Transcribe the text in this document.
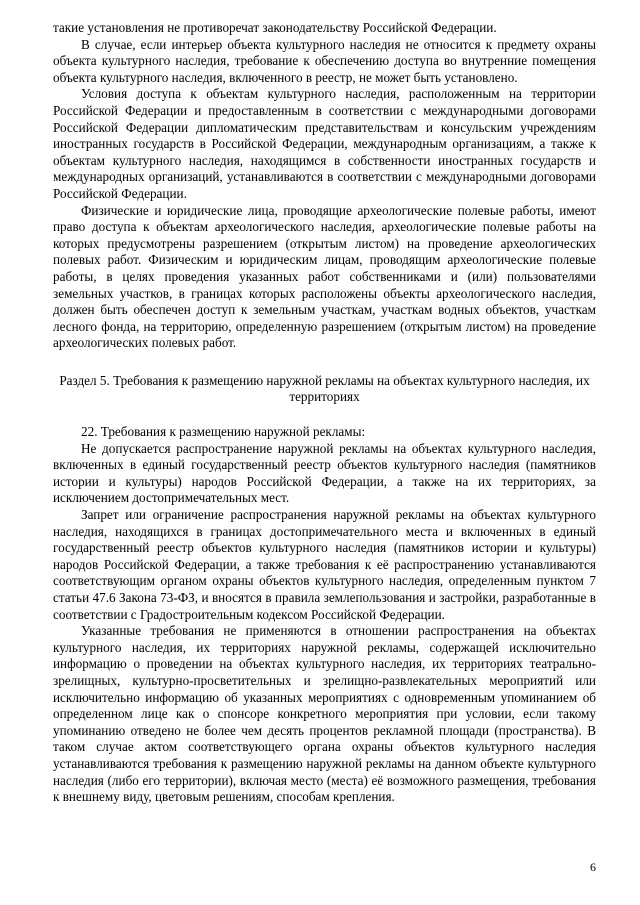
такие установления не противоречат законодательству Российской Федерации.

В случае, если интерьер объекта культурного наследия не относится к предмету охраны объекта культурного наследия, требование к обеспечению доступа во внутренние помещения объекта культурного наследия, включенного в реестр, не может быть установлено.

Условия доступа к объектам культурного наследия, расположенным на территории Российской Федерации и предоставленным в соответствии с международными договорами Российской Федерации дипломатическим представительствам и консульским учреждениям иностранных государств в Российской Федерации, международным организациям, а также к объектам культурного наследия, находящимся в собственности иностранных государств и международных организаций, устанавливаются в соответствии с международными договорами Российской Федерации.

Физические и юридические лица, проводящие археологические полевые работы, имеют право доступа к объектам археологического наследия, археологические полевые работы на которых предусмотрены разрешением (открытым листом) на проведение археологических полевых работ. Физическим и юридическим лицам, проводящим археологические полевые работы, в целях проведения указанных работ собственниками и (или) пользователями земельных участков, в границах которых расположены объекты археологического наследия, должен быть обеспечен доступ к земельным участкам, участкам водных объектов, участкам лесного фонда, на территорию, определенную разрешением (открытым листом) на проведение археологических полевых работ.

Раздел 5. Требования к размещению наружной рекламы на объектах культурного наследия, их территориях

22. Требования к размещению наружной рекламы:

Не допускается распространение наружной рекламы на объектах культурного наследия, включенных в единый государственный реестр объектов культурного наследия (памятников истории и культуры) народов Российской Федерации, а также на их территориях, за исключением достопримечательных мест.

Запрет или ограничение распространения наружной рекламы на объектах культурного наследия, находящихся в границах достопримечательного места и включенных в единый государственный реестр объектов культурного наследия (памятников истории и культуры) народов Российской Федерации, а также требования к её распространению устанавливаются соответствующим органом охраны объектов культурного наследия, определенным пунктом 7 статьи 47.6 Закона 73-ФЗ, и вносятся в правила землепользования и застройки, разработанные в соответствии с Градостроительным кодексом Российской Федерации.

Указанные требования не применяются в отношении распространения на объектах культурного наследия, их территориях наружной рекламы, содержащей исключительно информацию о проведении на объектах культурного наследия, их территориях театрально-зрелищных, культурно-просветительных и зрелищно-развлекательных мероприятий или исключительно информацию об указанных мероприятиях с одновременным упоминанием об определенном лице как о спонсоре конкретного мероприятия при условии, если такому упоминанию отведено не более чем десять процентов рекламной площади (пространства). В таком случае актом соответствующего органа охраны объектов культурного наследия устанавливаются требования к размещению наружной рекламы на данном объекте культурного наследия (либо его территории), включая место (места) её возможного размещения, требования к внешнему виду, цветовым решениям, способам крепления.

6
